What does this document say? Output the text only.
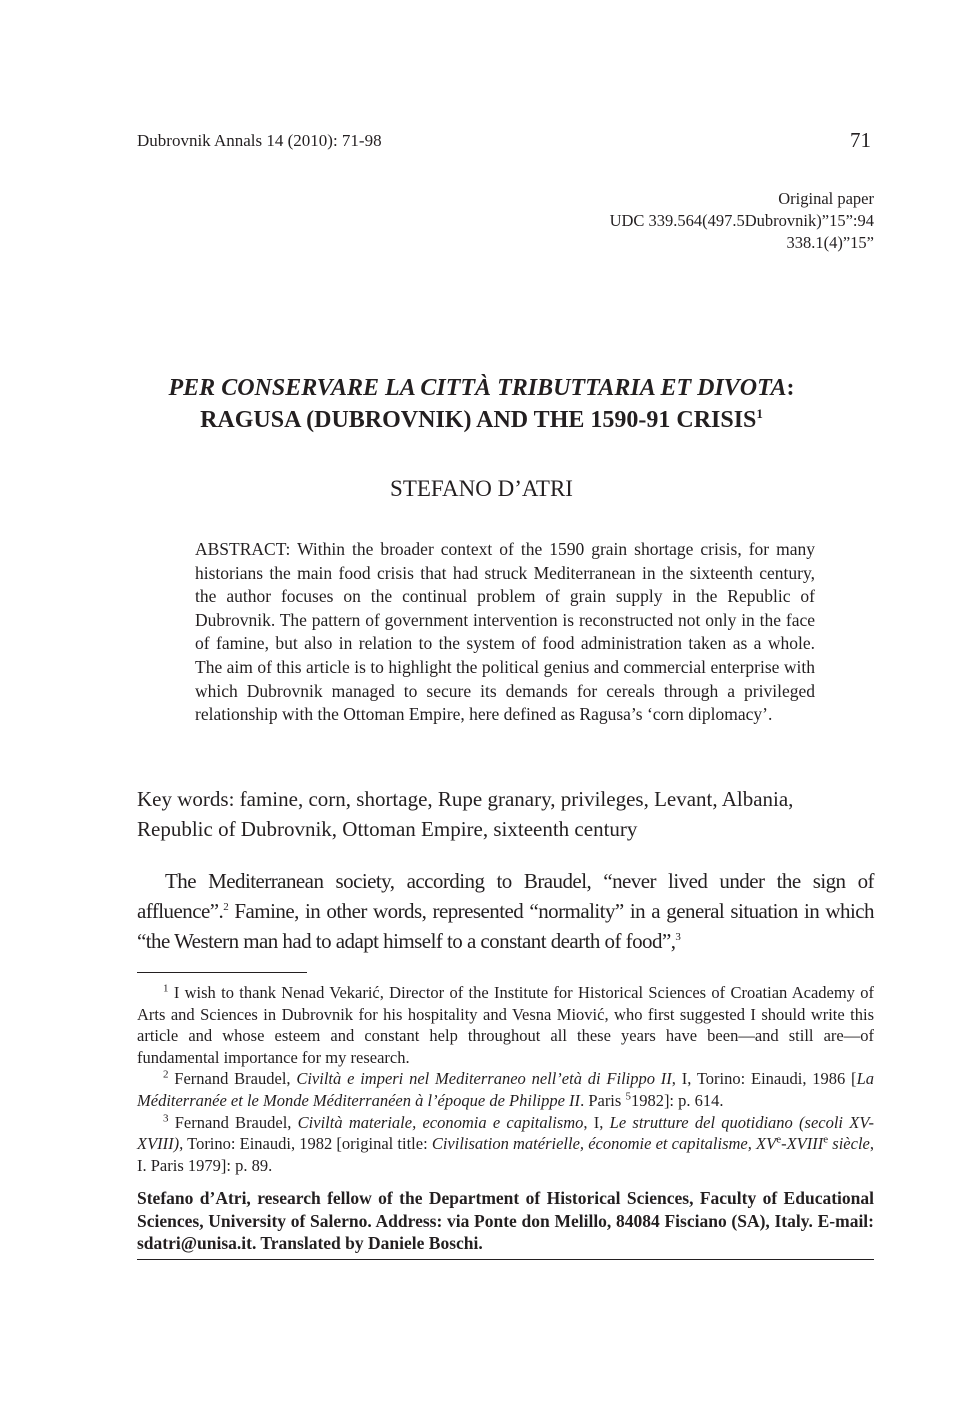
Dubrovnik Annals 14 (2010): 71-98	71
Original paper
UDC 339.564(497.5Dubrovnik)”15”:94
338.1(4)”15”
PER CONSERVARE LA CITTÀ TRIBUTTARIA ET DIVOTA:
RAGUSA (DUBROVNIK) AND THE 1590-91 CRISIS$^1$
STEFANO D’ATRI

ABSTRACT: Within the broader context of the 1590 grain shortage crisis, for many historians the main food crisis that had struck Mediterranean in the sixteenth century, the author focuses on the continual problem of grain supply in the Republic of Dubrovnik. The pattern of government intervention is reconstructed not only in the face of famine, but also in relation to the system of food administration taken as a whole. The aim of this article is to highlight the political genius and commercial enterprise with which Dubrovnik managed to secure its demands for cereals through a privileged relationship with the Ottoman Empire, here defined as Ragusa’s ‘corn diplomacy’.

Key words: famine, corn, shortage, Rupe granary, privileges, Levant, Albania, Republic of Dubrovnik, Ottoman Empire, sixteenth century

The Mediterranean society, according to Braudel, “never lived under the sign of affluence”.$^2$ Famine, in other words, represented “normality” in a general situation in which “the Western man had to adapt himself to a constant dearth of food”,$^3$

$^1$ I wish to thank Nenad Vekarić, Director of the Institute for Historical Sciences of Croatian Academy of Arts and Sciences in Dubrovnik for his hospitality and Vesna Miović, who first suggested I should write this article and whose esteem and constant help throughout all these years have been—and still are—of fundamental importance for my research.

$^2$ Fernand Braudel, Civiltà e imperi nel Mediterraneo nell’età di Filippo II, I, Torino: Einaudi, 1986 [La Méditerranée et le Monde Méditerranéen à l’époque de Philippe II. Paris $^5$1982]: p. 614.

$^3$ Fernand Braudel, Civiltà materiale, economia e capitalismo, I, Le strutture del quotidiano (secoli XV-XVIII), Torino: Einaudi, 1982 [original title: Civilisation matérielle, économie et capitalisme, XVe-XVIIIe siècle, I. Paris 1979]: p. 89.

Stefano d’Atri, research fellow of the Department of Historical Sciences, Faculty of Educational Sciences, University of Salerno. Address: via Ponte don Melillo, 84084 Fisciano (SA), Italy. E-mail: sdatri@unisa.it. Translated by Daniele Boschi.
